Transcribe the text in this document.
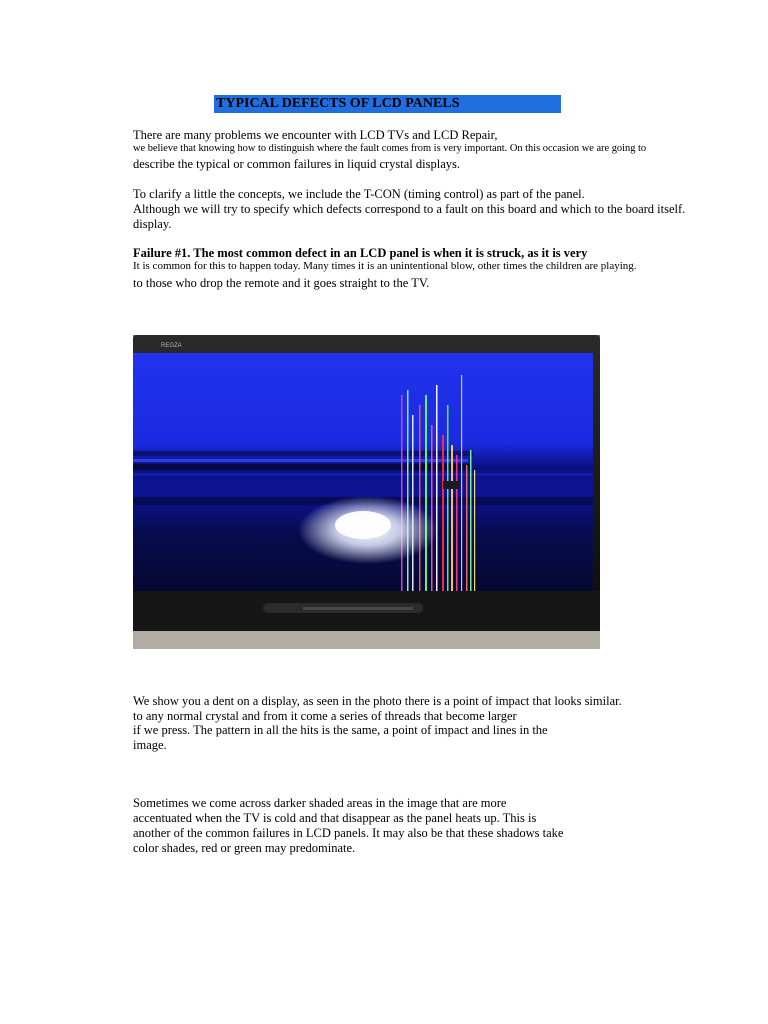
TYPICAL DEFECTS OF LCD PANELS
There are many problems we encounter with LCD TVs and LCD Repair,
we believe that knowing how to distinguish where the fault comes from is very important. On this occasion we are going to
describe the typical or common failures in liquid crystal displays.
To clarify a little the concepts, we include the T-CON (timing control) as part of the panel.
Although we will try to specify which defects correspond to a fault on this board and which to the board itself.
display.
Failure #1. The most common defect in an LCD panel is when it is struck, as it is very
It is common for this to happen today. Many times it is an unintentional blow, other times the children are playing.
to those who drop the remote and it goes straight to the TV.
REGZA
We show you a dent on a display, as seen in the photo there is a point of impact that looks similar.
to any normal crystal and from it come a series of threads that become larger
if we press. The pattern in all the hits is the same, a point of impact and lines in the
image.
Sometimes we come across darker shaded areas in the image that are more
accentuated when the TV is cold and that disappear as the panel heats up. This is
another of the common failures in LCD panels. It may also be that these shadows take
color shades, red or green may predominate.
